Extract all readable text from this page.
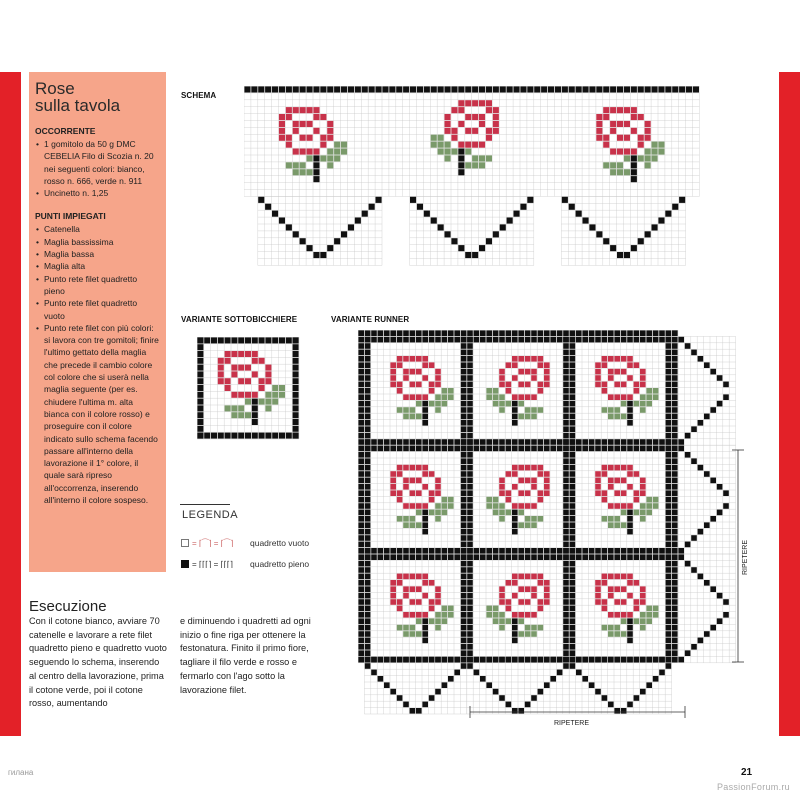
Rose
sulla tavola
OCCORRENTE
• 1 gomitolo da 50 g DMC CEBELIA Filo di Scozia n. 20 nei seguenti colori: bianco, rosso n. 666, verde n. 911
• Uncinetto n. 1,25
PUNTI IMPIEGATI
• Catenella
• Maglia bassissima
• Maglia bassa
• Maglia alta
• Punto rete filet quadretto pieno
• Punto rete filet quadretto vuoto
• Punto rete filet con più colori: si lavora con tre gomitoli; finire l'ultimo gettato della maglia che precede il cambio colore col colore che si userà nella maglia seguente (per es. chiudere l'ultima m. alta bianca con il colore rosso) e proseguire con il colore indicato sullo schema facendo passare all'interno della lavorazione il 1° colore, il quale sarà ripreso all'occorrenza, inserendo all'interno il colore sospeso.
SCHEMA
VARIANTE SOTTOBICCHIERE	VARIANTE RUNNER
RIPETERE
RIPETERE
LEGENDA
= ⌈⁀⌉ = ⌈⁀⌉	quadretto vuoto
= ⌈⌈⌈⌉ = ⌈⌈⌈⌉	quadretto pieno
Esecuzione
Con il cotone bianco, avviare 70 catenelle e lavorare a rete filet quadretto pieno e quadretto vuoto seguendo lo schema, inserendo al centro della lavorazione, prima il cotone verde, poi il cotone rosso, aumentando
e diminuendo i quadretti ad ogni inizio o fine riga per ottenere la festonatura. Finito il primo fiore, tagliare il filo verde e rosso e fermarlo con l'ago sotto la lavorazione filet.
гилана	21
PassionForum.ru
